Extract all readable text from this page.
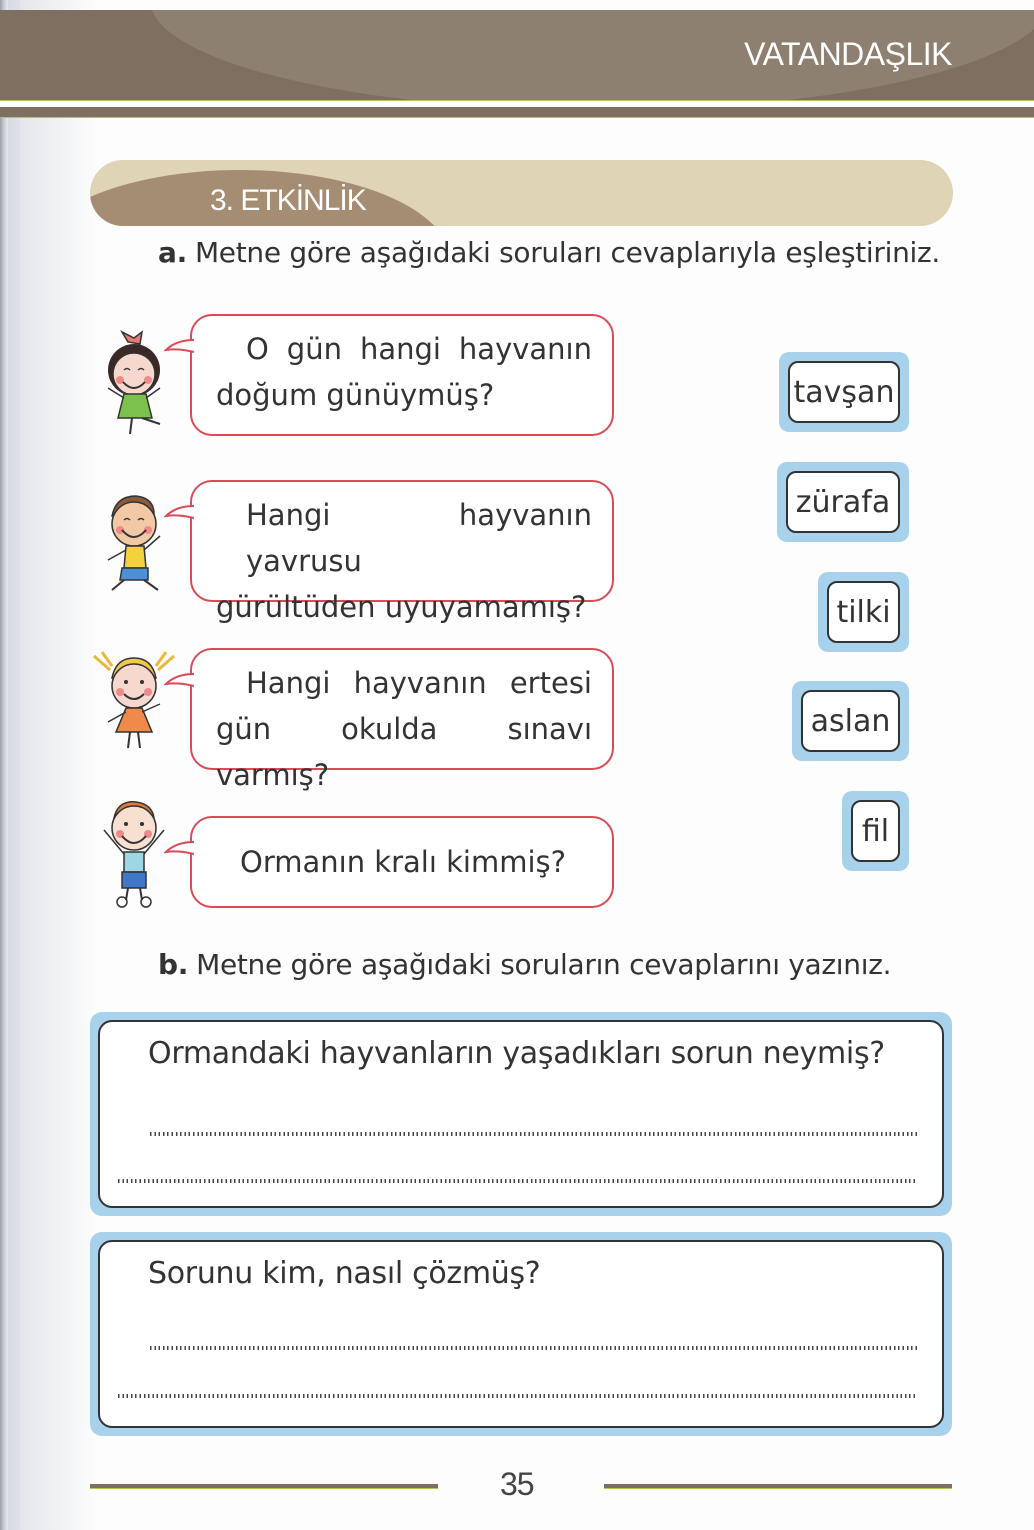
VATANDAŞLIK
3. ETKİNLİK
a. Metne göre aşağıdaki soruları cevaplarıyla eşleştiriniz.
O gün hangi hayvanın
doğum günüymüş?
Hangi hayvanın yavrusu
gürültüden uyuyamamış?
Hangi hayvanın ertesi
gün okulda sınavı varmış?
Ormanın kralı kimmiş?
tavşan
zürafa
tilki
aslan
fil
b. Metne göre aşağıdaki soruların cevaplarını yazınız.
Ormandaki hayvanların yaşadıkları sorun neymiş?
Sorunu kim, nasıl çözmüş?
35
